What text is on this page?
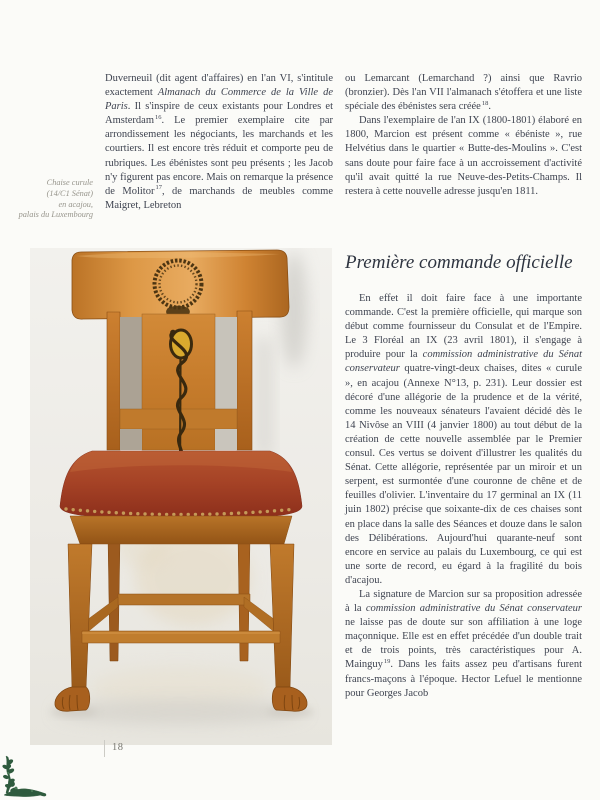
Duverneuil (dit agent d'affaires) en l'an VI, s'intitule exactement Almanach du Commerce de la Ville de Paris. Il s'inspire de ceux existants pour Londres et Amsterdam$^{16}$. Le premier exemplaire cite par arrondissement les négociants, les marchands et les courtiers. Il est encore très réduit et comporte peu de rubriques. Les ébénistes sont peu présents ; les Jacob n'y figurent pas encore. Mais on remarque la présence de Molitor$^{17}$, de marchands de meubles comme Maigret, Lebreton

ou Lemarcant (Lemarchand ?) ainsi que Ravrio (bronzier). Dès l'an VII l'almanach s'étoffera et une liste spéciale des ébénistes sera créée$^{18}$.

Dans l'exemplaire de l'an IX (1800-1801) élaboré en 1800, Marcion est présent comme « ébéniste », rue Helvétius dans le quartier « Butte-des-Moulins ». C'est sans doute pour faire face à un accroissement d'activité qu'il avait quitté la rue Neuve-des-Petits-Champs. Il restera à cette nouvelle adresse jusqu'en 1811.

Première commande officielle

En effet il doit faire face à une importante commande. C'est la première officielle, qui marque son début comme fournisseur du Consulat et de l'Empire. Le 3 Floréal an IX (23 avril 1801), il s'engage à produire pour la commission administrative du Sénat conservateur quatre-vingt-deux chaises, dites « curule », en acajou (Annexe N°13, p. 231). Leur dossier est décoré d'une allégorie de la prudence et de la vérité, comme les nouveaux sénateurs l'avaient décidé dès le 14 Nivôse an VIII (4 janvier 1800) au tout début de la création de cette nouvelle assemblée par le Premier consul. Ces vertus se doivent d'illustrer les qualités du Sénat. Cette allégorie, représentée par un miroir et un serpent, est surmontée d'une couronne de chêne et de feuilles d'olivier. L'inventaire du 17 germinal an IX (11 juin 1802) précise que soixante-dix de ces chaises sont en place dans la salle des Séances et douze dans le salon des Délibérations. Aujourd'hui quarante-neuf sont encore en service au palais du Luxembourg, ce qui est une sorte de record, eu égard à la fragilité du bois d'acajou.

La signature de Marcion sur sa proposition adressée à la commission administrative du Sénat conservateur ne laisse pas de doute sur son affiliation à une loge maçonnique. Elle est en effet précédée d'un double trait et de trois points, très caractéristiques pour A. Mainguy$^{19}$. Dans les faits assez peu d'artisans furent francs-maçons à l'époque. Hector Lefuel le mentionne pour Georges Jacob

Chaise curule
(14/C1 Sénat)
en acajou,
palais du Luxembourg
18
